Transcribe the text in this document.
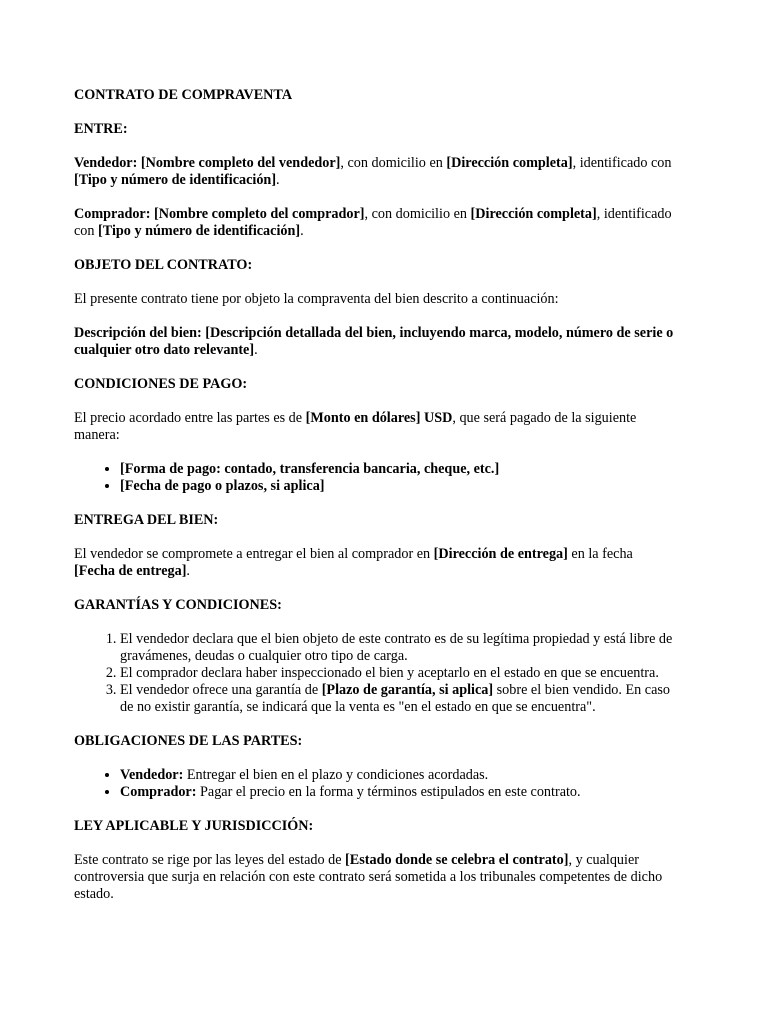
CONTRATO DE COMPRAVENTA

ENTRE:

Vendedor: [Nombre completo del vendedor], con domicilio en [Dirección completa], identificado con [Tipo y número de identificación].

Comprador: [Nombre completo del comprador], con domicilio en [Dirección completa], identificado con [Tipo y número de identificación].

OBJETO DEL CONTRATO:

El presente contrato tiene por objeto la compraventa del bien descrito a continuación:

Descripción del bien: [Descripción detallada del bien, incluyendo marca, modelo, número de serie o cualquier otro dato relevante].

CONDICIONES DE PAGO:

El precio acordado entre las partes es de [Monto en dólares] USD, que será pagado de la siguiente manera:

• [Forma de pago: contado, transferencia bancaria, cheque, etc.]
• [Fecha de pago o plazos, si aplica]

ENTREGA DEL BIEN:

El vendedor se compromete a entregar el bien al comprador en [Dirección de entrega] en la fecha [Fecha de entrega].

GARANTÍAS Y CONDICIONES:

1. El vendedor declara que el bien objeto de este contrato es de su legítima propiedad y está libre de gravámenes, deudas o cualquier otro tipo de carga.
2. El comprador declara haber inspeccionado el bien y aceptarlo en el estado en que se encuentra.
3. El vendedor ofrece una garantía de [Plazo de garantía, si aplica] sobre el bien vendido. En caso de no existir garantía, se indicará que la venta es "en el estado en que se encuentra".

OBLIGACIONES DE LAS PARTES:

• Vendedor: Entregar el bien en el plazo y condiciones acordadas.
• Comprador: Pagar el precio en la forma y términos estipulados en este contrato.

LEY APLICABLE Y JURISDICCIÓN:

Este contrato se rige por las leyes del estado de [Estado donde se celebra el contrato], y cualquier controversia que surja en relación con este contrato será sometida a los tribunales competentes de dicho estado.
